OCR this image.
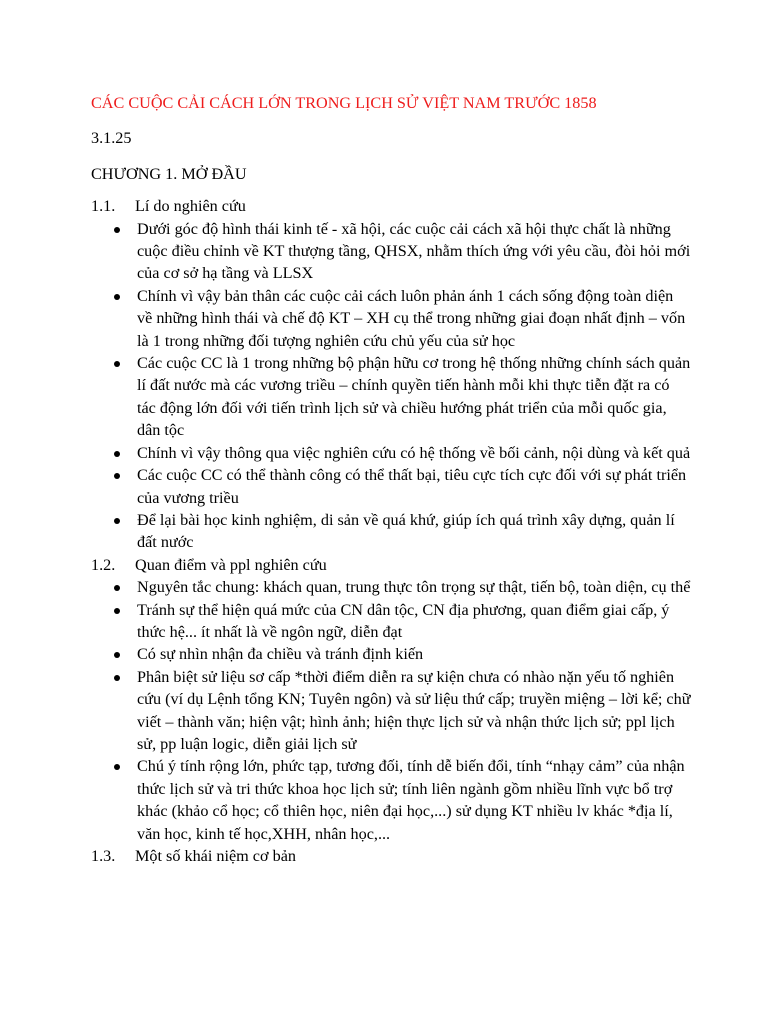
CÁC CUỘC CẢI CÁCH LỚN TRONG LỊCH SỬ VIỆT NAM TRƯỚC 1858
3.1.25
CHƯƠNG 1. MỞ ĐẦU
1.1.	Lí do nghiên cứu
Dưới góc độ hình thái kinh tế - xã hội, các cuộc cải cách xã hội thực chất là những cuộc điều chỉnh về KT thượng tầng, QHSX, nhằm thích ứng với yêu cầu, đòi hỏi mới của cơ sở hạ tầng và LLSX
Chính vì vậy bản thân các cuộc cải cách luôn phản ánh 1 cách sống động toàn diện về những hình thái và chế độ KT – XH cụ thể trong những giai đoạn nhất định – vốn là 1 trong những đối tượng nghiên cứu chủ yếu của sử học
Các cuộc CC là 1 trong những bộ phận hữu cơ trong hệ thống những chính sách quản lí đất nước mà các vương triều – chính quyền tiến hành mỗi khi thực tiễn đặt ra có tác động lớn đối với tiến trình lịch sử và chiều hướng phát triển của mỗi quốc gia, dân tộc
Chính vì vậy thông qua việc nghiên cứu có hệ thống về bối cảnh, nội dùng và kết quả
Các cuộc CC có thể thành công có thể thất bại, tiêu cực tích cực đối với sự phát triển của vương triều
Để lại bài học kinh nghiệm, di sản về quá khứ, giúp ích quá trình xây dựng, quản lí đất nước
1.2.	Quan điểm và ppl nghiên cứu
Nguyên tắc chung: khách quan, trung thực tôn trọng sự thật, tiến bộ, toàn diện, cụ thể
Tránh sự thể hiện quá mức của CN dân tộc, CN địa phương, quan điểm giai cấp, ý thức hệ... ít nhất là về ngôn ngữ, diễn đạt
Có sự nhìn nhận đa chiều và tránh định kiến
Phân biệt sử liệu sơ cấp *thời điểm diễn ra sự kiện chưa có nhào nặn yếu tố nghiên cứu (ví dụ Lệnh tổng KN; Tuyên ngôn) và sử liệu thứ cấp; truyền miệng – lời kể; chữ viết – thành văn; hiện vật; hình ảnh; hiện thực lịch sử và nhận thức lịch sử; ppl lịch sử, pp luận logic, diễn giải lịch sử
Chú ý tính rộng lớn, phức tạp, tương đối, tính dễ biến đổi, tính “nhạy cảm” của nhận thức lịch sử và tri thức khoa học lịch sử; tính liên ngành gồm nhiều lĩnh vực bổ trợ khác (khảo cổ học; cổ thiên học, niên đại học,...) sử dụng KT nhiều lv khác *địa lí, văn học, kinh tế học,XHH, nhân học,...
1.3.	Một số khái niệm cơ bản
